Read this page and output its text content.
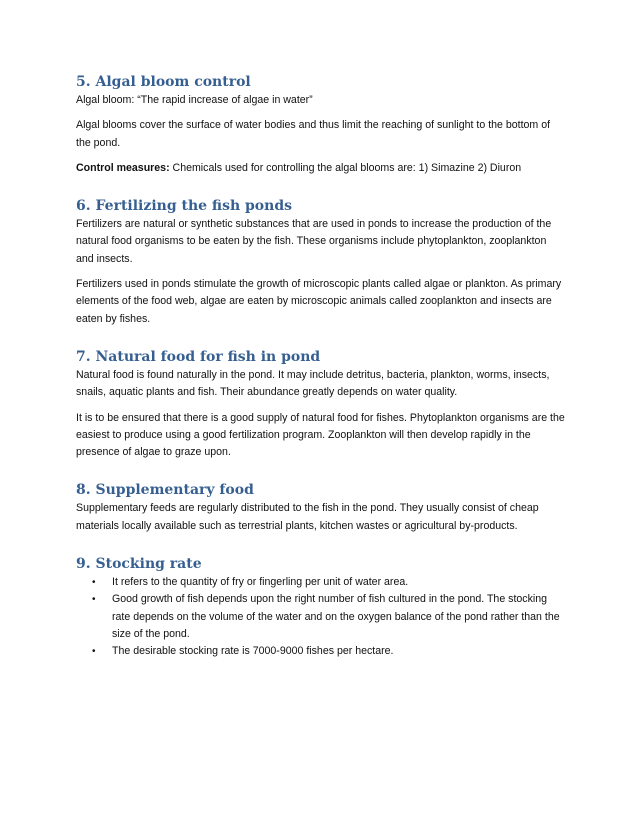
5. Algal bloom control

Algal bloom: “The rapid increase of algae in water”

Algal blooms cover the surface of water bodies and thus limit the reaching of sunlight to the bottom of the pond.

Control measures: Chemicals used for controlling the algal blooms are: 1) Simazine 2) Diuron

6. Fertilizing the fish ponds

Fertilizers are natural or synthetic substances that are used in ponds to increase the production of the natural food organisms to be eaten by the fish. These organisms include phytoplankton, zooplankton and insects.

Fertilizers used in ponds stimulate the growth of microscopic plants called algae or plankton. As primary elements of the food web, algae are eaten by microscopic animals called zooplankton and insects are eaten by fishes.

7. Natural food for fish in pond

Natural food is found naturally in the pond. It may include detritus, bacteria, plankton, worms, insects, snails, aquatic plants and fish. Their abundance greatly depends on water quality.

It is to be ensured that there is a good supply of natural food for fishes. Phytoplankton organisms are the easiest to produce using a good fertilization program. Zooplankton will then develop rapidly in the presence of algae to graze upon.

8. Supplementary food

Supplementary feeds are regularly distributed to the fish in the pond. They usually consist of cheap materials locally available such as terrestrial plants, kitchen wastes or agricultural by-products.

9. Stocking rate
• It refers to the quantity of fry or fingerling per unit of water area.
• Good growth of fish depends upon the right number of fish cultured in the pond. The stocking rate depends on the volume of the water and on the oxygen balance of the pond rather than the size of the pond.
• The desirable stocking rate is 7000-9000 fishes per hectare.
